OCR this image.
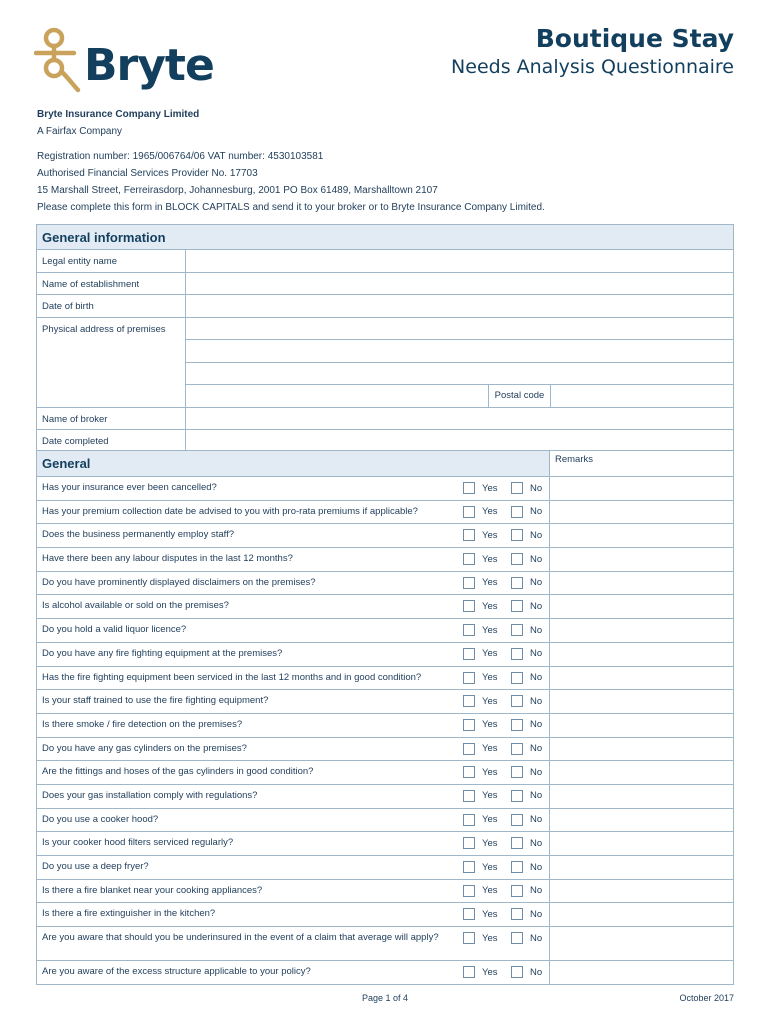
Bryte
Boutique Stay
Needs Analysis Questionnaire
Bryte Insurance Company Limited
A Fairfax Company
Registration number: 1965/006764/06 VAT number: 4530103581
Authorised Financial Services Provider No. 17703
15 Marshall Street, Ferreirasdorp, Johannesburg, 2001 PO Box 61489, Marshalltown 2107
Please complete this form in BLOCK CAPITALS and send it to your broker or to Bryte Insurance Company Limited.
General information
Legal entity name
Name of establishment
Date of birth
Physical address of premises
Postal code
Name of broker
Date completed
General	Remarks
Has your insurance ever been cancelled?	Yes	No
Has your premium collection date be advised to you with pro-rata premiums if applicable?	Yes	No
Does the business permanently employ staff?	Yes	No
Have there been any labour disputes in the last 12 months?	Yes	No
Do you have prominently displayed disclaimers on the premises?	Yes	No
Is alcohol available or sold on the premises?	Yes	No
Do you hold a valid liquor licence?	Yes	No
Do you have any fire fighting equipment at the premises?	Yes	No
Has the fire fighting equipment been serviced in the last 12 months and in good condition?	Yes	No
Is your staff trained to use the fire fighting equipment?	Yes	No
Is there smoke / fire detection on the premises?	Yes	No
Do you have any gas cylinders on the premises?	Yes	No
Are the fittings and hoses of the gas cylinders in good condition?	Yes	No
Does your gas installation comply with regulations?	Yes	No
Do you use a cooker hood?	Yes	No
Is your cooker hood filters serviced regularly?	Yes	No
Do you use a deep fryer?	Yes	No
Is there a fire blanket near your cooking appliances?	Yes	No
Is there a fire extinguisher in the kitchen?	Yes	No
Are you aware that should you be underinsured in the event of a claim that average will apply?	Yes	No
Are you aware of the excess structure applicable to your policy?	Yes	No
Page 1 of 4	October 2017
